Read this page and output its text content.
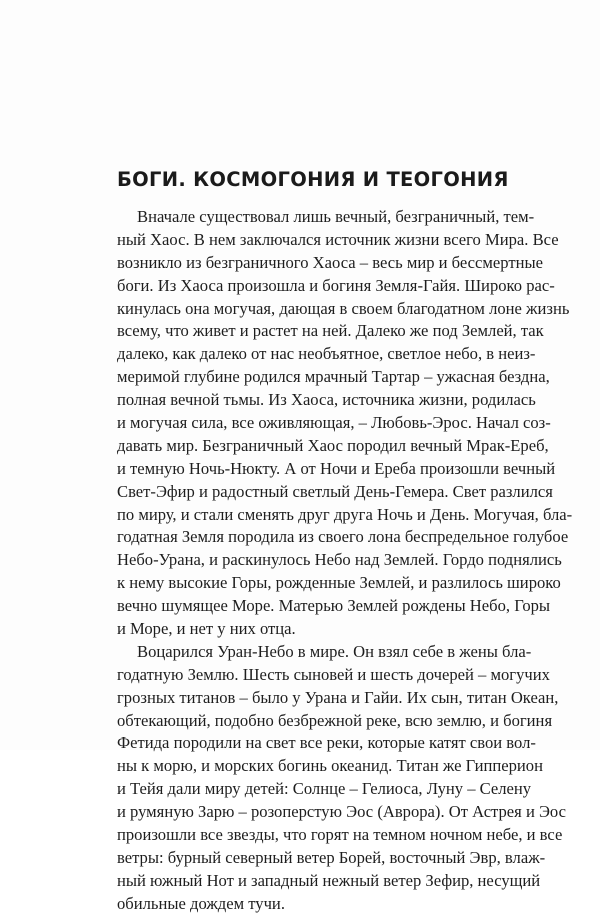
БОГИ. КОСМОГОНИЯ И ТЕОГОНИЯ
Вначале существовал лишь вечный, безграничный, тем-
ный Хаос. В нем заключался источник жизни всего Мира. Все
возникло из безграничного Хаоса – весь мир и бессмертные
боги. Из Хаоса произошла и богиня Земля-Гайя. Широко рас-
кинулась она могучая, дающая в своем благодатном лоне жизнь
всему, что живет и растет на ней. Далеко же под Землей, так
далеко, как далеко от нас необъятное, светлое небо, в неиз-
меримой глубине родился мрачный Тартар – ужасная бездна,
полная вечной тьмы. Из Хаоса, источника жизни, родилась
и могучая сила, все оживляющая, – Любовь-Эрос. Начал соз-
давать мир. Безграничный Хаос породил вечный Мрак-Ереб,
и темную Ночь-Нюкту. А от Ночи и Ереба произошли вечный
Свет-Эфир и радостный светлый День-Гемера. Свет разлился
по миру, и стали сменять друг друга Ночь и День. Могучая, бла-
годатная Земля породила из своего лона беспредельное голубое
Небо-Урана, и раскинулось Небо над Землей. Гордо поднялись
к нему высокие Горы, рожденные Землей, и разлилось широко
вечно шумящее Море. Матерью Землей рождены Небо, Горы
и Море, и нет у них отца.
Воцарился Уран-Небо в мире. Он взял себе в жены бла-
годатную Землю. Шесть сыновей и шесть дочерей – могучих
грозных титанов – было у Урана и Гайи. Их сын, титан Океан,
обтекающий, подобно безбрежной реке, всю землю, и богиня
Фетида породили на свет все реки, которые катят свои вол-
ны к морю, и морских богинь океанид. Титан же Гипперион
и Тейя дали миру детей: Солнце – Гелиоса, Луну – Селену
и румяную Зарю – розоперстую Эос (Аврора). От Астрея и Эос
произошли все звезды, что горят на темном ночном небе, и все
ветры: бурный северный ветер Борей, восточный Эвр, влаж-
ный южный Нот и западный нежный ветер Зефир, несущий
обильные дождем тучи.
